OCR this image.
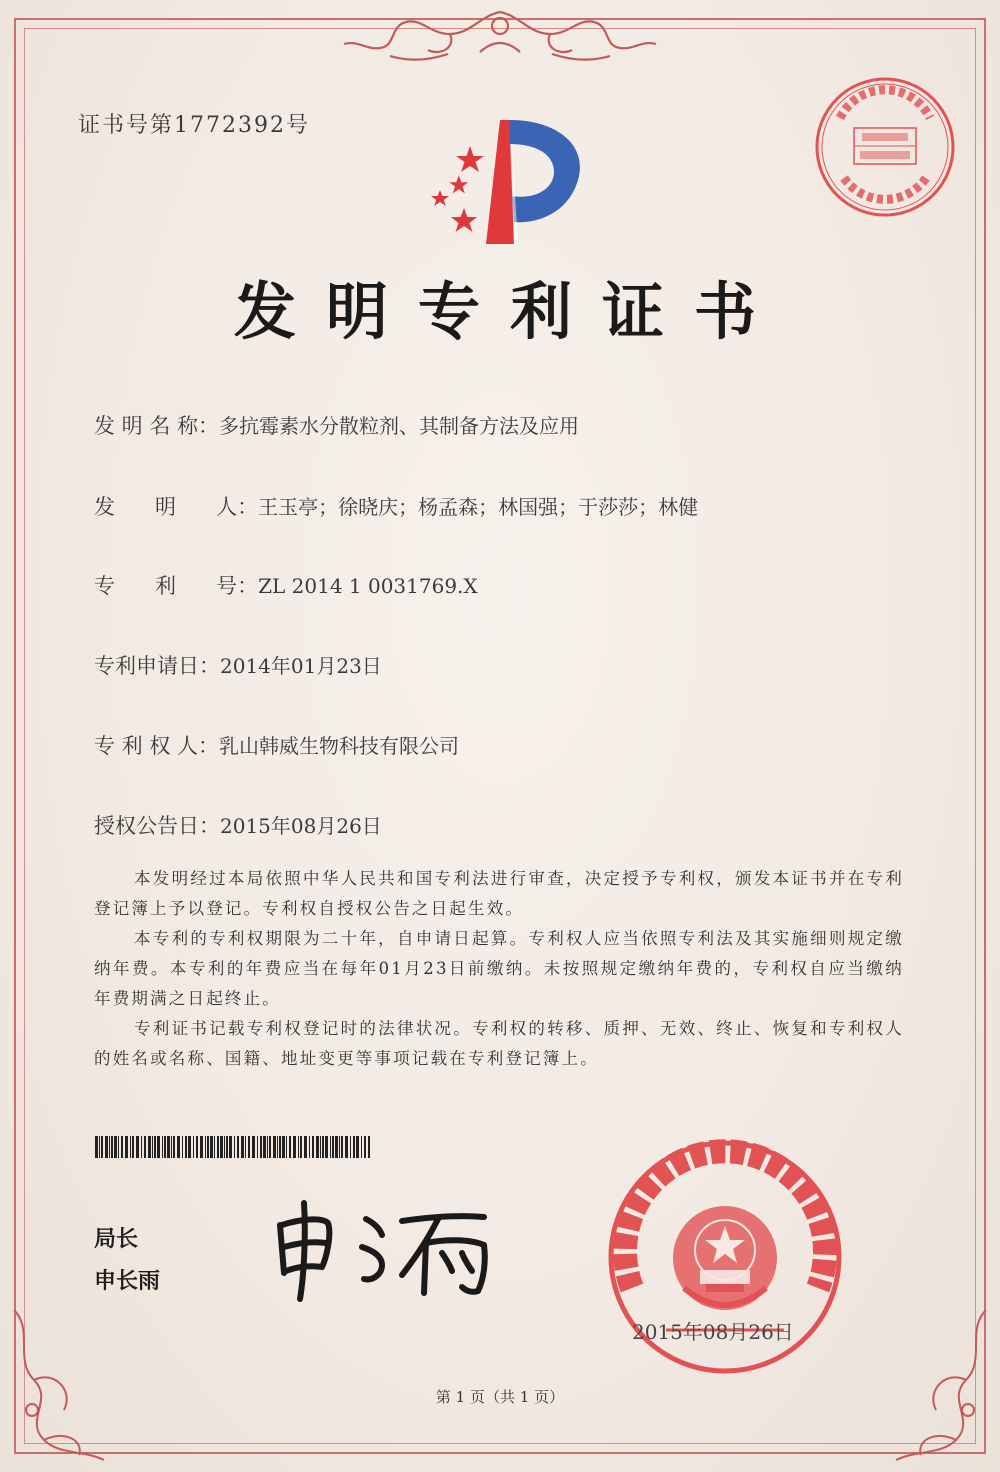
证书号第1772392号
发明专利证书
发 明 名 称：多抗霉素水分散粒剂、其制备方法及应用
发      明      人：王玉亭；徐晓庆；杨孟森；林国强；于莎莎；林健
专      利      号：ZL 2014 1 0031769.X
专利申请日：2014年01月23日
专 利 权 人：乳山韩威生物科技有限公司
授权公告日：2015年08月26日

本发明经过本局依照中华人民共和国专利法进行审查，决定授予专利权，颁发本证书并在专利登记簿上予以登记。专利权自授权公告之日起生效。

本专利的专利权期限为二十年，自申请日起算。专利权人应当依照专利法及其实施细则规定缴纳年费。本专利的年费应当在每年01月23日前缴纳。未按照规定缴纳年费的，专利权自应当缴纳年费期满之日起终止。

专利证书记载专利权登记时的法律状况。专利权的转移、质押、无效、终止、恢复和专利权人的姓名或名称、国籍、地址变更等事项记载在专利登记簿上。

局长
申长雨
2015年08月26日
第 1 页（共 1 页）
